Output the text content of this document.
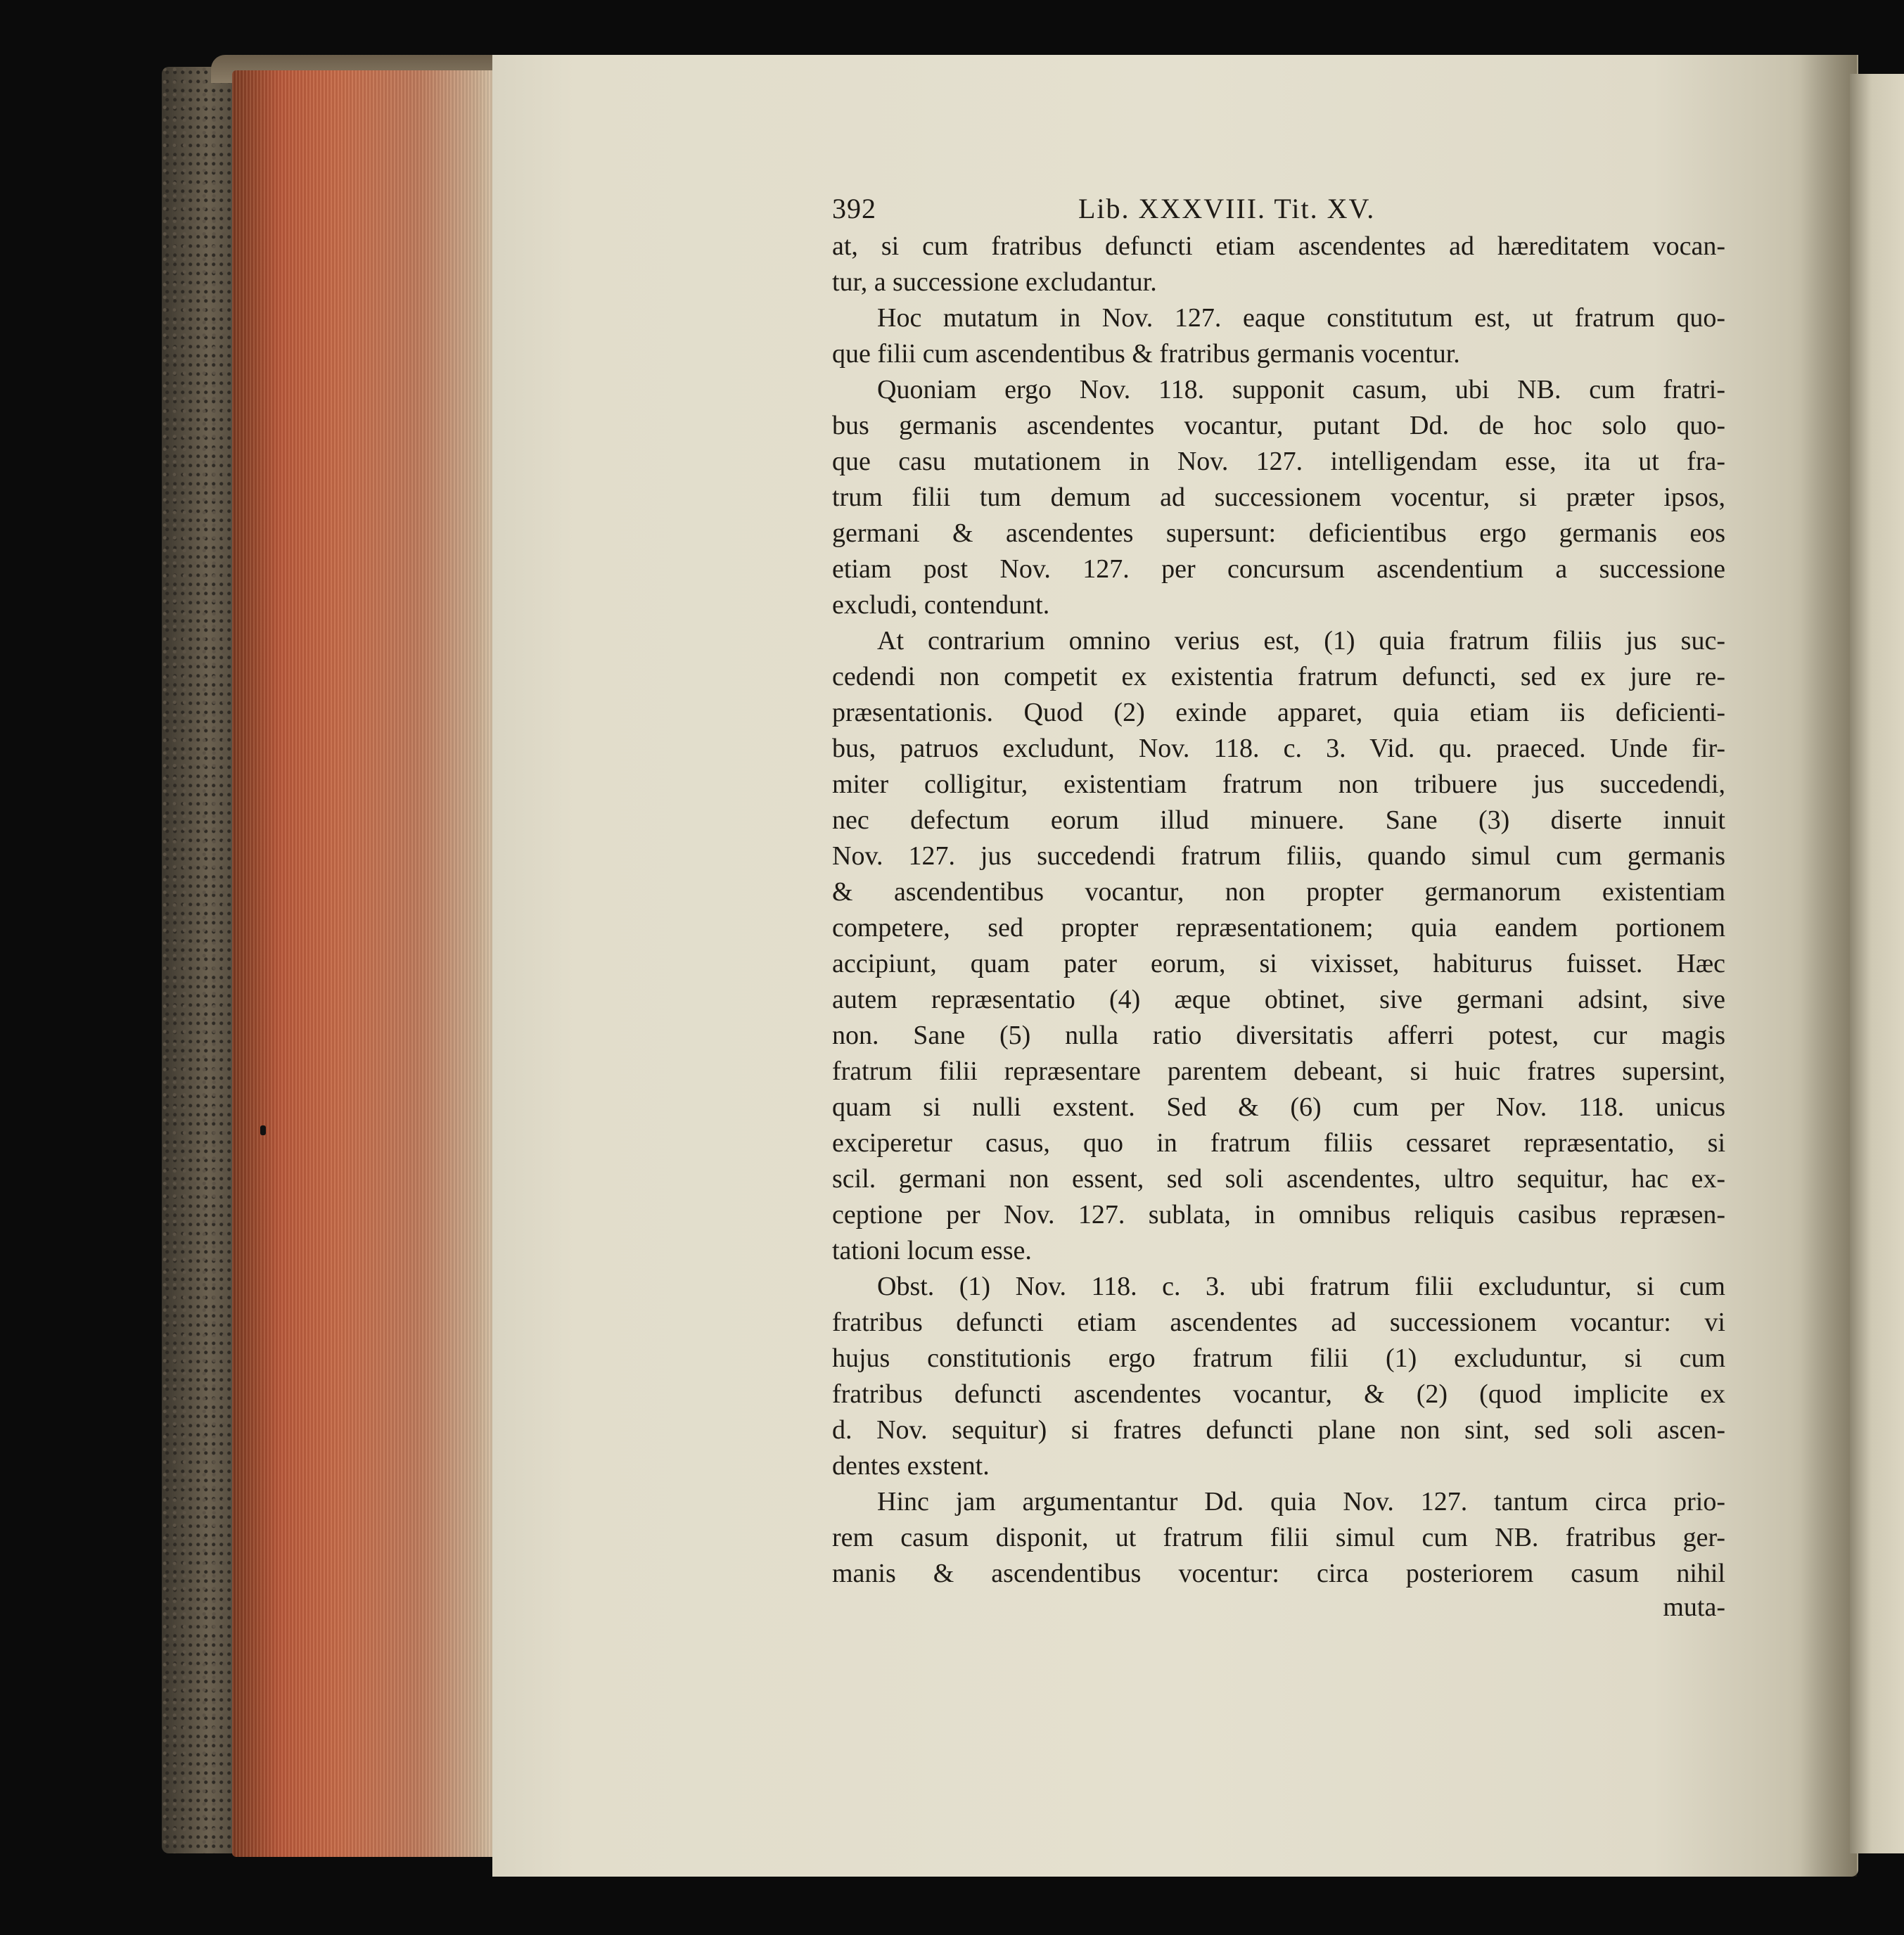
392	Lib. XXXVIII. Tit. XV.
at, si cum fratribus defuncti etiam ascendentes ad hæreditatem vocan-
tur, a successione excludantur.
Hoc mutatum in Nov. 127. eaque constitutum est, ut fratrum quo-
que filii cum ascendentibus & fratribus germanis vocentur.
Quoniam ergo Nov. 118. supponit casum, ubi NB. cum fratri-
bus germanis ascendentes vocantur, putant Dd. de hoc solo quo-
que casu mutationem in Nov. 127. intelligendam esse, ita ut fra-
trum filii tum demum ad successionem vocentur, si præter ipsos,
germani & ascendentes supersunt: deficientibus ergo germanis eos
etiam post Nov. 127. per concursum ascendentium a successione
excludi, contendunt.
At contrarium omnino verius est, (1) quia fratrum filiis jus suc-
cedendi non competit ex existentia fratrum defuncti, sed ex jure re-
præsentationis. Quod (2) exinde apparet, quia etiam iis deficienti-
bus, patruos excludunt, Nov. 118. c. 3. Vid. qu. praeced. Unde fir-
miter colligitur, existentiam fratrum non tribuere jus succedendi,
nec defectum eorum illud minuere. Sane (3) diserte innuit
Nov. 127. jus succedendi fratrum filiis, quando simul cum germanis
& ascendentibus vocantur, non propter germanorum existentiam
competere, sed propter repræsentationem; quia eandem portionem
accipiunt, quam pater eorum, si vixisset, habiturus fuisset. Hæc
autem repræsentatio (4) æque obtinet, sive germani adsint, sive
non. Sane (5) nulla ratio diversitatis afferri potest, cur magis
fratrum filii repræsentare parentem debeant, si huic fratres supersint,
quam si nulli exstent. Sed & (6) cum per Nov. 118. unicus
exciperetur casus, quo in fratrum filiis cessaret repræsentatio, si
scil. germani non essent, sed soli ascendentes, ultro sequitur, hac ex-
ceptione per Nov. 127. sublata, in omnibus reliquis casibus repræsen-
tationi locum esse.
Obst. (1) Nov. 118. c. 3. ubi fratrum filii excluduntur, si cum
fratribus defuncti etiam ascendentes ad successionem vocantur: vi
hujus constitutionis ergo fratrum filii (1) excluduntur, si cum
fratribus defuncti ascendentes vocantur, & (2) (quod implicite ex
d. Nov. sequitur) si fratres defuncti plane non sint, sed soli ascen-
dentes exstent.
Hinc jam argumentantur Dd. quia Nov. 127. tantum circa prio-
rem casum disponit, ut fratrum filii simul cum NB. fratribus ger-
manis & ascendentibus vocentur: circa posteriorem casum nihil
muta-
